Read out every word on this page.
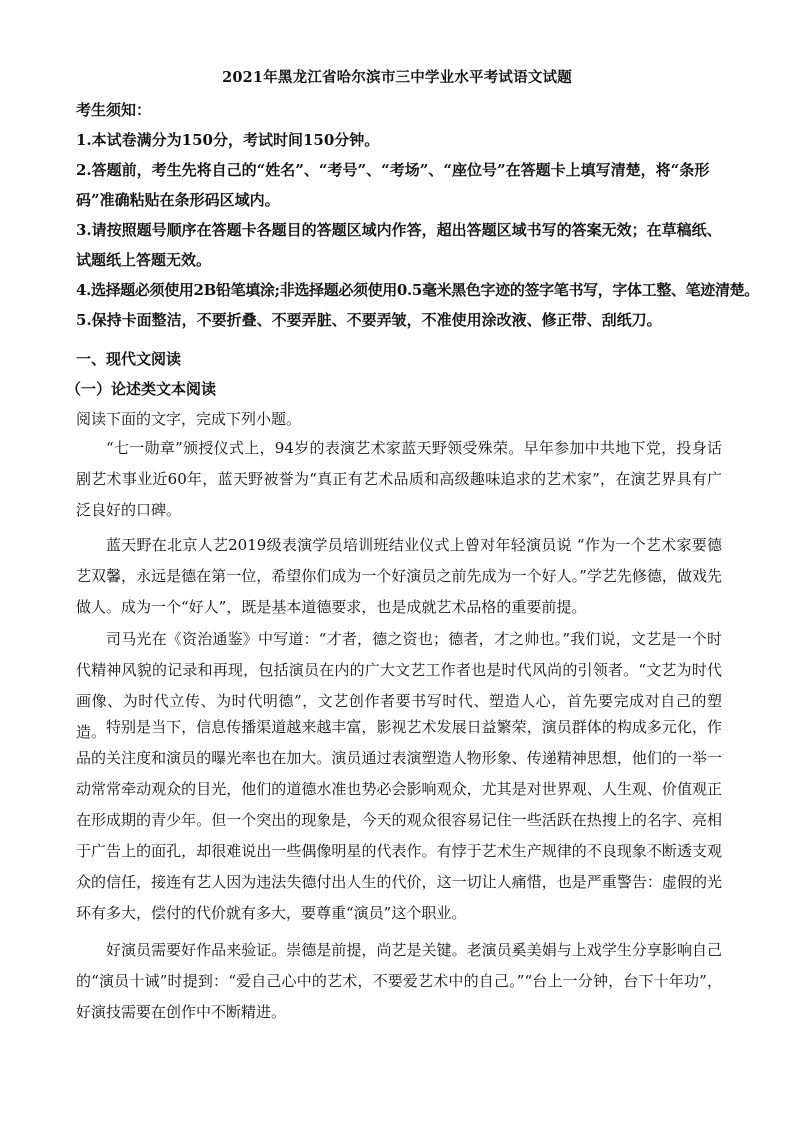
2021年黑龙江省哈尔滨市三中学业水平考试语文试题
考生须知：
1.本试卷满分为150分，考试时间150分钟。
2.答题前，考生先将自己的“姓名”、“考号”、“考场”、“座位号”在答题卡上填写清楚，将“条形码”准确粘贴在条形码区域内。
3.请按照题号顺序在答题卡各题目的答题区域内作答，超出答题区域书写的答案无效；在草稿纸、试题纸上答题无效。
4.选择题必须使用2B铅笔填涂;非选择题必须使用0.5毫米黑色字迹的签字笔书写，字体工整、笔迹清楚。
5.保持卡面整洁，不要折叠、不要弄脏、不要弄皱，不准使用涂改液、修正带、刮纸刀。
一、现代文阅读
（一）论述类文本阅读
阅读下面的文字，完成下列小题。

“七一勋章”颁授仪式上，94岁的表演艺术家蓝天野领受殊荣。早年参加中共地下党，投身话剧艺术事业近60年，蓝天野被誉为“真正有艺术品质和高级趣味追求的艺术家”，在演艺界具有广泛良好的口碑。

蓝天野在北京人艺2019级表演学员培训班结业仪式上曾对年轻演员说 “作为一个艺术家要德艺双馨，永远是德在第一位，希望你们成为一个好演员之前先成为一个好人。”学艺先修德，做戏先做人。成为一个“好人”，既是基本道德要求，也是成就艺术品格的重要前提。

司马光在《资治通鉴》中写道：“才者，德之资也；德者，才之帅也。”我们说，文艺是一个时代精神风貌的记录和再现，包括演员在内的广大文艺工作者也是时代风尚的引领者。“文艺为时代画像、为时代立传、为时代明德”，文艺创作者要书写时代、塑造人心，首先要完成对自己的塑造。 特别是当下，信息传播渠道越来越丰富，影视艺术发展日益繁荣，演员群体的构成多元化，作品的关注度和演员的曝光率也在加大。演员通过表演塑造人物形象、传递精神思想，他们的一举一动常常牵动观众的目光，他们的道德水准也势必会影响观众，尤其是对世界观、人生观、价值观正在形成期的青少年。但一个突出的现象是，今天的观众很容易记住一些活跃在热搜上的名字、亮相于广告上的面孔，却很难说出一些偶像明星的代表作。有悖于艺术生产规律的不良现象不断透支观众的信任，接连有艺人因为违法失德付出人生的代价，这一切让人痛惜，也是严重警告：虚假的光环有多大，偿付的代价就有多大，要尊重“演员”这个职业。

好演员需要好作品来验证。崇德是前提，尚艺是关键。老演员奚美娟与上戏学生分享影响自己的“演员十诫”时提到：“爱自己心中的艺术，不要爱艺术中的自己。”“台上一分钟，台下十年功”，好演技需要在创作中不断精进。
